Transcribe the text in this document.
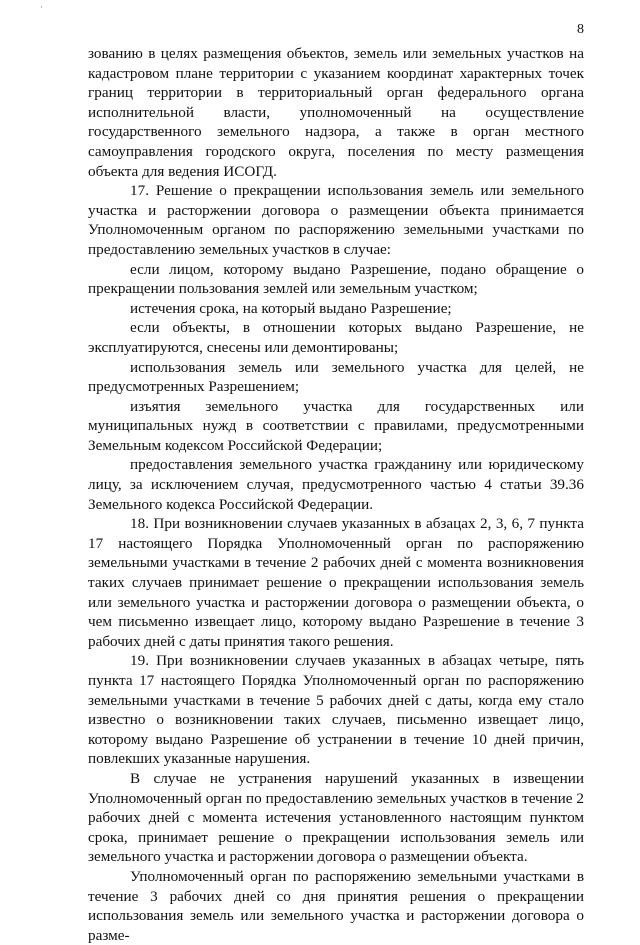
·
8

зованию в целях размещения объектов, земель или земельных участков на кадастровом плане территории с указанием координат характерных точек границ территории в территориальный орган федерального органа исполнительной власти, уполномоченный на осуществление государственного земельного надзора, а также в орган местного самоуправления городского округа, поселения по месту размещения объекта для ведения ИСОГД.

17. Решение о прекращении использования земель или земельного участка и расторжении договора о размещении объекта принимается Уполномоченным органом по распоряжению земельными участками по предоставлению земельных участков в случае:

если лицом, которому выдано Разрешение, подано обращение о прекращении пользования землей или земельным участком;

истечения срока, на который выдано Разрешение;

если объекты, в отношении которых выдано Разрешение, не эксплуатируются, снесены или демонтированы;

использования земель или земельного участка для целей, не предусмотренных Разрешением;

изъятия земельного участка для государственных или муниципальных нужд в соответствии с правилами, предусмотренными Земельным кодексом Российской Федерации;

предоставления земельного участка гражданину или юридическому лицу, за исключением случая, предусмотренного частью 4 статьи 39.36 Земельного кодекса Российской Федерации.

18. При возникновении случаев указанных в абзацах 2, 3, 6, 7 пункта 17 настоящего Порядка Уполномоченный орган по распоряжению земельными участками в течение 2 рабочих дней с момента возникновения таких случаев принимает решение о прекращении использования земель или земельного участка и расторжении договора о размещении объекта, о чем письменно извещает лицо, которому выдано Разрешение в течение 3 рабочих дней с даты принятия такого решения.

19. При возникновении случаев указанных в абзацах четыре, пять пункта 17 настоящего Порядка Уполномоченный орган по распоряжению земельными участками в течение 5 рабочих дней с даты, когда ему стало известно о возникновении таких случаев, письменно извещает лицо, которому выдано Разрешение об устранении в течение 10 дней причин, повлекших указанные нарушения.

В случае не устранения нарушений указанных в извещении Уполномоченный орган по предоставлению земельных участков в течение 2 рабочих дней с момента истечения установленного настоящим пунктом срока, принимает решение о прекращении использования земель или земельного участка и расторжении договора о размещении объекта.

Уполномоченный орган по распоряжению земельными участками в течение 3 рабочих дней со дня принятия решения о прекращении использования земель или земельного участка и расторжении договора о разме-
